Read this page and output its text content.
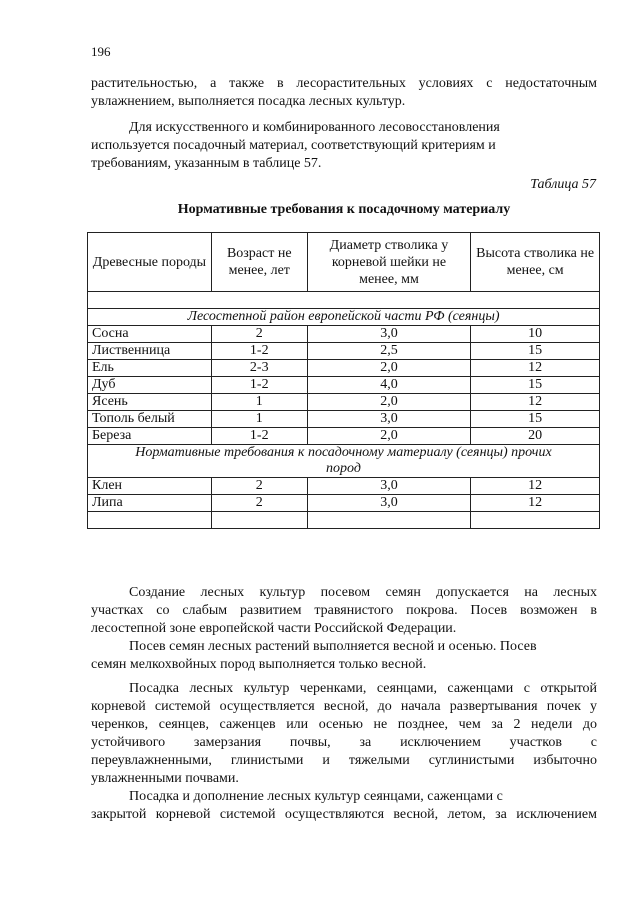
196

растительностью, а также в лесорастительных условиях с недостаточным
увлажнением, выполняется посадка лесных культур.

Для искусственного и комбинированного лесовосстановления
используется посадочный материал, соответствующий критериям и
требованиям, указанным в таблице 57.

Таблица 57
Нормативные требования к посадочному материалу
Древесные породы	Возраст не менее, лет	Диаметр стволика у корневой шейки не менее, мм	Высота стволика не менее, см

Лесостепной район европейской части РФ (сеянцы)			
Сосна	2	3,0	10
Лиственница	1-2	2,5	15
Ель	2-3	2,0	12
Дуб	1-2	4,0	15
Ясень	1	2,0	12
Тополь белый	1	3,0	15
Береза	1-2	2,0	20
Нормативные требования к посадочному материалу (сеянцы) прочих пород			
Клен	2	3,0	12
Липа	2	3,0	12

Создание лесных культур посевом семян допускается на лесных
участках со слабым развитием травянистого покрова. Посев возможен в
лесостепной зоне европейской части Российской Федерации.

Посев семян лесных растений выполняется весной и осенью. Посев
семян мелкохвойных пород выполняется только весной.

Посадка лесных культур черенками, сеянцами, саженцами с открытой
корневой системой осуществляется весной, до начала развертывания почек у
черенков, сеянцев, саженцев или осенью не позднее, чем за 2 недели до
устойчивого замерзания почвы, за исключением участков с
переувлажненными, глинистыми и тяжелыми суглинистыми избыточно
увлажненными почвами.

Посадка и дополнение лесных культур сеянцами, саженцами с
закрытой корневой системой осуществляются весной, летом, за исключением
